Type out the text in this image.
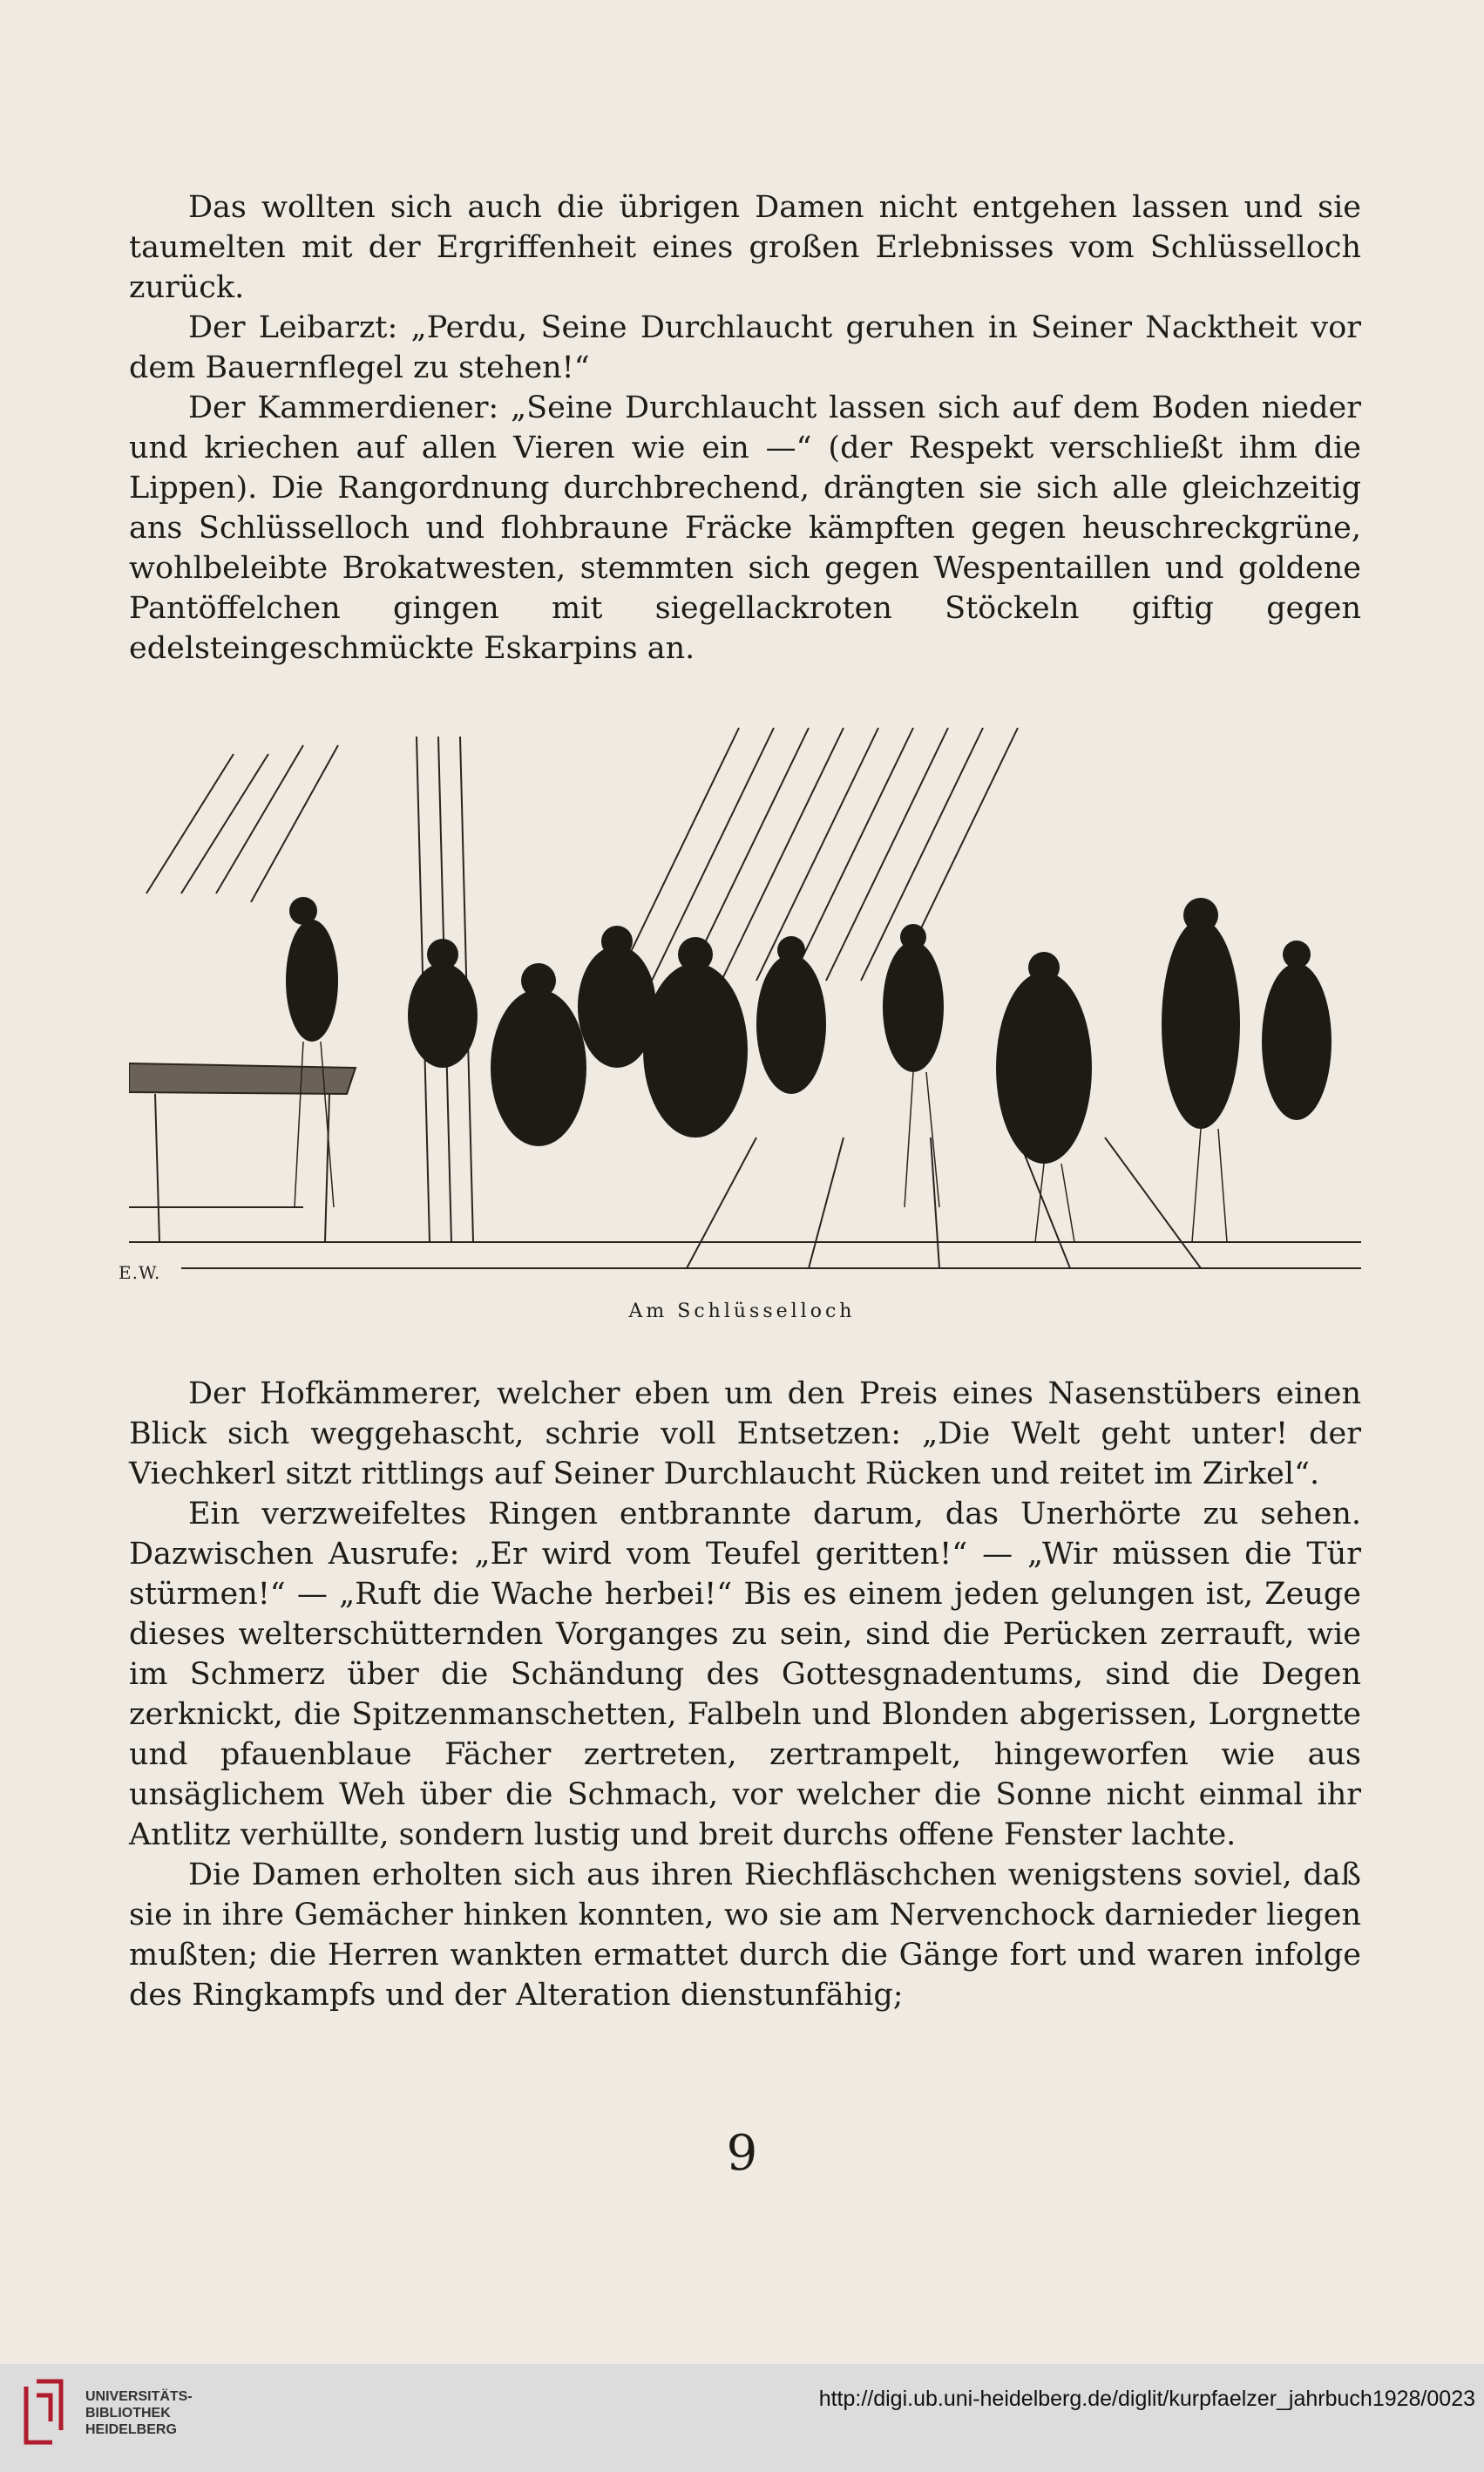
Das wollten sich auch die übrigen Damen nicht entgehen lassen und sie taumelten mit der Ergriffenheit eines großen Erlebnisses vom Schlüsselloch zurück.

Der Leibarzt: „Perdu, Seine Durchlaucht geruhen in Seiner Nacktheit vor dem Bauernflegel zu stehen!“

Der Kammerdiener: „Seine Durchlaucht lassen sich auf dem Boden nieder und kriechen auf allen Vieren wie ein —“ (der Respekt verschließt ihm die Lippen). Die Rangordnung durchbrechend, drängten sie sich alle gleichzeitig ans Schlüsselloch und flohbraune Fräcke kämpften gegen heuschreckgrüne, wohlbeleibte Brokatwesten, stemmten sich gegen Wespentaillen und goldene Pantöffelchen gingen mit siegellackroten Stöckeln giftig gegen edelsteingeschmückte Eskarpins an.

E.W.
Am Schlüsselloch

Der Hofkämmerer, welcher eben um den Preis eines Nasenstübers einen Blick sich weggehascht, schrie voll Entsetzen: „Die Welt geht unter! der Viechkerl sitzt rittlings auf Seiner Durchlaucht Rücken und reitet im Zirkel“.

Ein verzweifeltes Ringen entbrannte darum, das Unerhörte zu sehen. Dazwischen Ausrufe: „Er wird vom Teufel geritten!“ — „Wir müssen die Tür stürmen!“ — „Ruft die Wache herbei!“ Bis es einem jeden gelungen ist, Zeuge dieses welterschütternden Vorganges zu sein, sind die Perücken zerrauft, wie im Schmerz über die Schändung des Gottesgnadentums, sind die Degen zerknickt, die Spitzenmanschetten, Falbeln und Blonden abgerissen, Lorgnette und pfauenblaue Fächer zertreten, zertrampelt, hingeworfen wie aus unsäglichem Weh über die Schmach, vor welcher die Sonne nicht einmal ihr Antlitz verhüllte, sondern lustig und breit durchs offene Fenster lachte.

Die Damen erholten sich aus ihren Riechfläschchen wenigstens soviel, daß sie in ihre Gemächer hinken konnten, wo sie am Nervenchock darnieder liegen mußten; die Herren wankten ermattet durch die Gänge fort und waren infolge des Ringkampfs und der Alteration dienstunfähig;

9
UNIVERSITÄTS-
BIBLIOTHEK
HEIDELBERG
http://digi.ub.uni-heidelberg.de/diglit/kurpfaelzer_jahrbuch1928/0023
